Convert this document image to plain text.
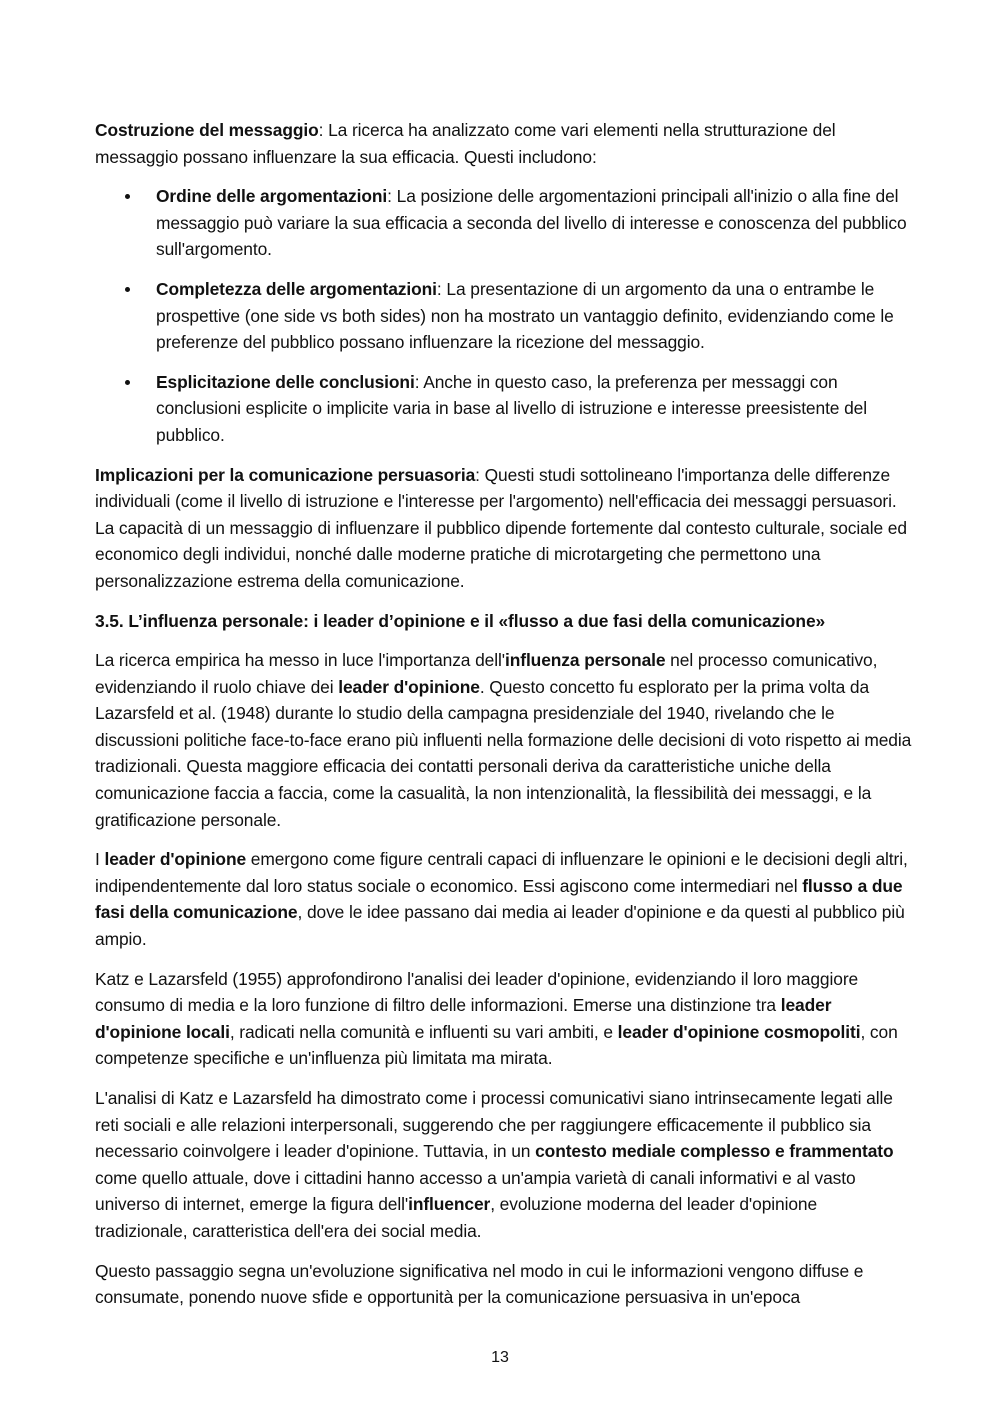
Costruzione del messaggio: La ricerca ha analizzato come vari elementi nella strutturazione del messaggio possano influenzare la sua efficacia. Questi includono:

Ordine delle argomentazioni: La posizione delle argomentazioni principali all'inizio o alla fine del messaggio può variare la sua efficacia a seconda del livello di interesse e conoscenza del pubblico sull'argomento.
Completezza delle argomentazioni: La presentazione di un argomento da una o entrambe le prospettive (one side vs both sides) non ha mostrato un vantaggio definito, evidenziando come le preferenze del pubblico possano influenzare la ricezione del messaggio.
Esplicitazione delle conclusioni: Anche in questo caso, la preferenza per messaggi con conclusioni esplicite o implicite varia in base al livello di istruzione e interesse preesistente del pubblico.

Implicazioni per la comunicazione persuasoria: Questi studi sottolineano l'importanza delle differenze individuali (come il livello di istruzione e l'interesse per l'argomento) nell'efficacia dei messaggi persuasori. La capacità di un messaggio di influenzare il pubblico dipende fortemente dal contesto culturale, sociale ed economico degli individui, nonché dalle moderne pratiche di microtargeting che permettono una personalizzazione estrema della comunicazione.

3.5. L’influenza personale: i leader d’opinione e il «flusso a due fasi della comunicazione»

La ricerca empirica ha messo in luce l'importanza dell'influenza personale nel processo comunicativo, evidenziando il ruolo chiave dei leader d'opinione. Questo concetto fu esplorato per la prima volta da Lazarsfeld et al. (1948) durante lo studio della campagna presidenziale del 1940, rivelando che le discussioni politiche face-to-face erano più influenti nella formazione delle decisioni di voto rispetto ai media tradizionali. Questa maggiore efficacia dei contatti personali deriva da caratteristiche uniche della comunicazione faccia a faccia, come la casualità, la non intenzionalità, la flessibilità dei messaggi, e la gratificazione personale.

I leader d'opinione emergono come figure centrali capaci di influenzare le opinioni e le decisioni degli altri, indipendentemente dal loro status sociale o economico. Essi agiscono come intermediari nel flusso a due fasi della comunicazione, dove le idee passano dai media ai leader d'opinione e da questi al pubblico più ampio.

Katz e Lazarsfeld (1955) approfondirono l'analisi dei leader d'opinione, evidenziando il loro maggiore consumo di media e la loro funzione di filtro delle informazioni. Emerse una distinzione tra leader d'opinione locali, radicati nella comunità e influenti su vari ambiti, e leader d'opinione cosmopoliti, con competenze specifiche e un'influenza più limitata ma mirata.

L'analisi di Katz e Lazarsfeld ha dimostrato come i processi comunicativi siano intrinsecamente legati alle reti sociali e alle relazioni interpersonali, suggerendo che per raggiungere efficacemente il pubblico sia necessario coinvolgere i leader d'opinione. Tuttavia, in un contesto mediale complesso e frammentato come quello attuale, dove i cittadini hanno accesso a un'ampia varietà di canali informativi e al vasto universo di internet, emerge la figura dell'influencer, evoluzione moderna del leader d'opinione tradizionale, caratteristica dell'era dei social media.

Questo passaggio segna un'evoluzione significativa nel modo in cui le informazioni vengono diffuse e consumate, ponendo nuove sfide e opportunità per la comunicazione persuasiva in un'epoca

13
